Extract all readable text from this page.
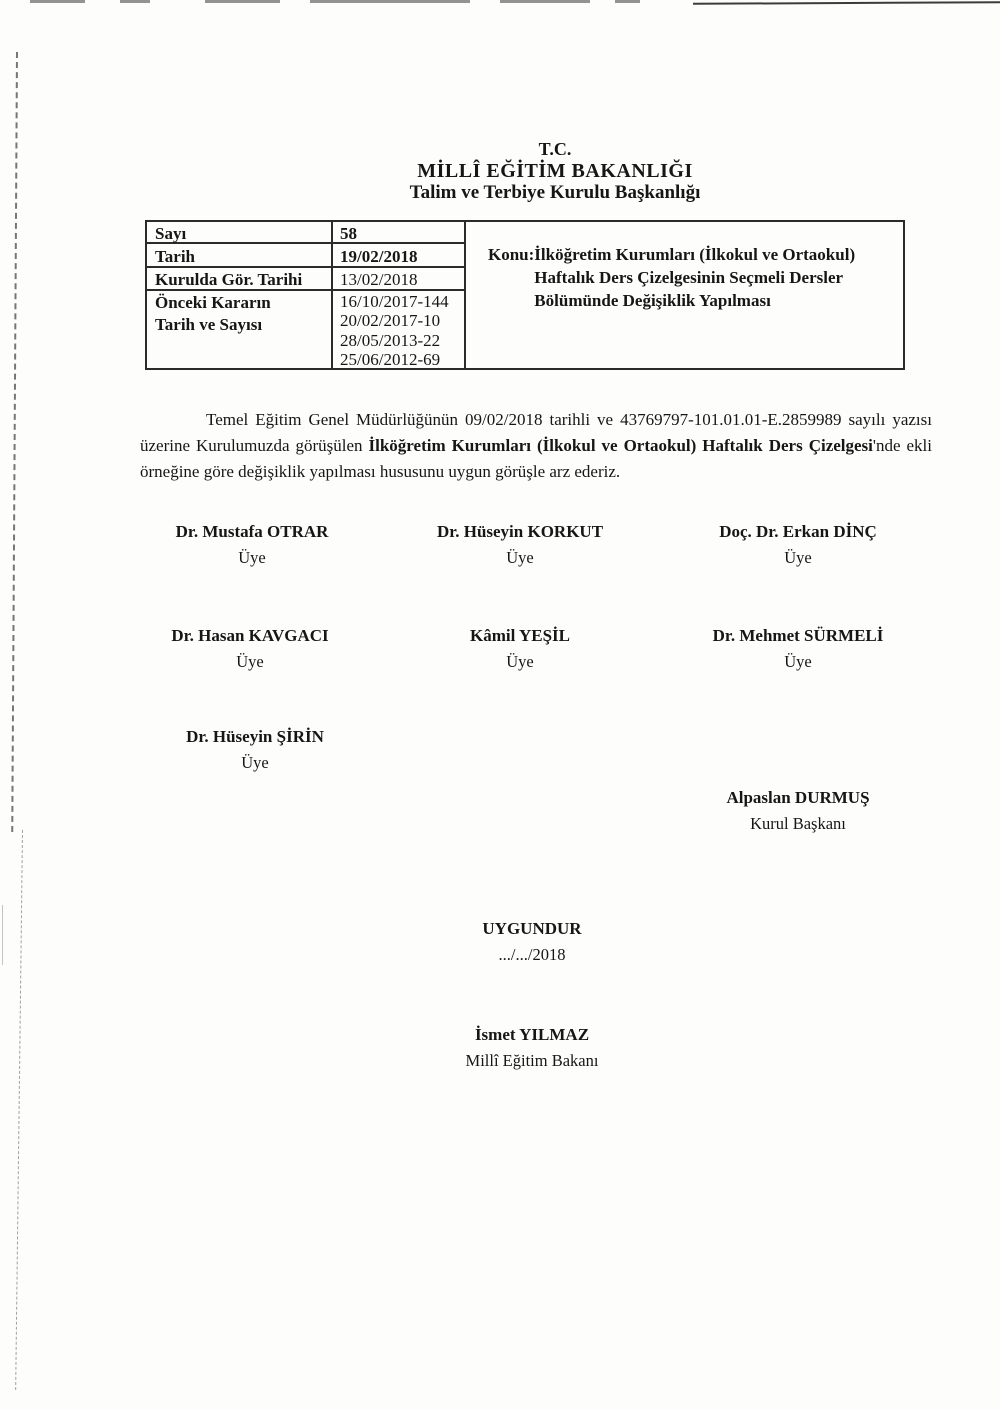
T.C.
MİLLÎ EĞİTİM BAKANLIĞI
Talim ve Terbiye Kurulu Başkanlığı
Sayı
Tarih
Kurulda Gör. Tarihi
Önceki Kararın
Tarih ve Sayısı
58
19/02/2018
13/02/2018
16/10/2017-144
20/02/2017-10
28/05/2013-22
25/06/2012-69
Konu: İlköğretim Kurumları (İlkokul ve Ortaokul)
Haftalık Ders Çizelgesinin Seçmeli Dersler
Bölümünde Değişiklik Yapılması

Temel Eğitim Genel Müdürlüğünün 09/02/2018 tarihli ve 43769797-101.01.01-E.2859989 sayılı yazısı üzerine Kurulumuzda görüşülen İlköğretim Kurumları (İlkokul ve Ortaokul) Haftalık Ders Çizelgesi'nde ekli örneğine göre değişiklik yapılması hususunu uygun görüşle arz ederiz.

Dr. Mustafa OTRAR
Üye
Dr. Hüseyin KORKUT
Üye
Doç. Dr. Erkan DİNÇ
Üye
Dr. Hasan KAVGACI
Üye
Kâmil YEŞİL
Üye
Dr. Mehmet SÜRMELİ
Üye
Dr. Hüseyin ŞİRİN
Üye
Alpaslan DURMUŞ
Kurul Başkanı
UYGUNDUR
.../.../2018
İsmet YILMAZ
Millî Eğitim Bakanı
